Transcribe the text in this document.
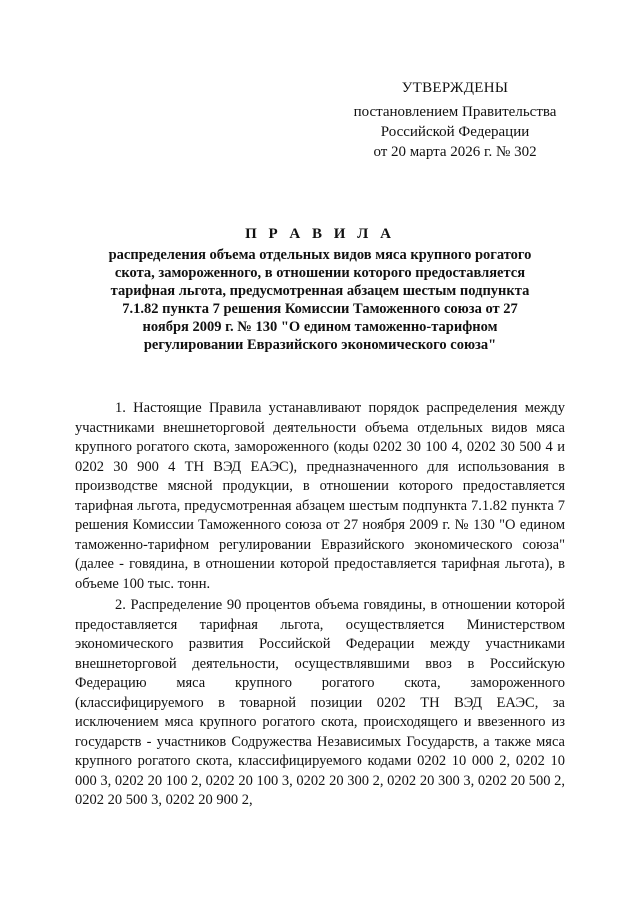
УТВЕРЖДЕНЫ
постановлением Правительства
Российской Федерации
от 20 марта 2026 г. № 302
П Р А В И Л А
распределения объема отдельных видов мяса крупного рогатого скота, замороженного, в отношении которого предоставляется тарифная льгота, предусмотренная абзацем шестым подпункта 7.1.82 пункта 7 решения Комиссии Таможенного союза от 27 ноября 2009 г. № 130 "О едином таможенно-тарифном регулировании Евразийского экономического союза"

1. Настоящие Правила устанавливают порядок распределения между участниками внешнеторговой деятельности объема отдельных видов мяса крупного рогатого скота, замороженного (коды 0202 30 100 4, 0202 30 500 4 и 0202 30 900 4 ТН ВЭД ЕАЭС), предназначенного для использования в производстве мясной продукции, в отношении которого предоставляется тарифная льгота, предусмотренная абзацем шестым подпункта 7.1.82 пункта 7 решения Комиссии Таможенного союза от 27 ноября 2009 г. № 130 "О едином таможенно-тарифном регулировании Евразийского экономического союза" (далее - говядина, в отношении которой предоставляется тарифная льгота), в объеме 100 тыс. тонн.

2. Распределение 90 процентов объема говядины, в отношении которой предоставляется тарифная льгота, осуществляется Министерством экономического развития Российской Федерации между участниками внешнеторговой деятельности, осуществлявшими ввоз в Российскую Федерацию мяса крупного рогатого скота, замороженного (классифицируемого в товарной позиции 0202 ТН ВЭД ЕАЭС, за исключением мяса крупного рогатого скота, происходящего и ввезенного из государств - участников Содружества Независимых Государств, а также мяса крупного рогатого скота, классифицируемого кодами 0202 10 000 2, 0202 10 000 3, 0202 20 100 2, 0202 20 100 3, 0202 20 300 2, 0202 20 300 3, 0202 20 500 2, 0202 20 500 3, 0202 20 900 2,
